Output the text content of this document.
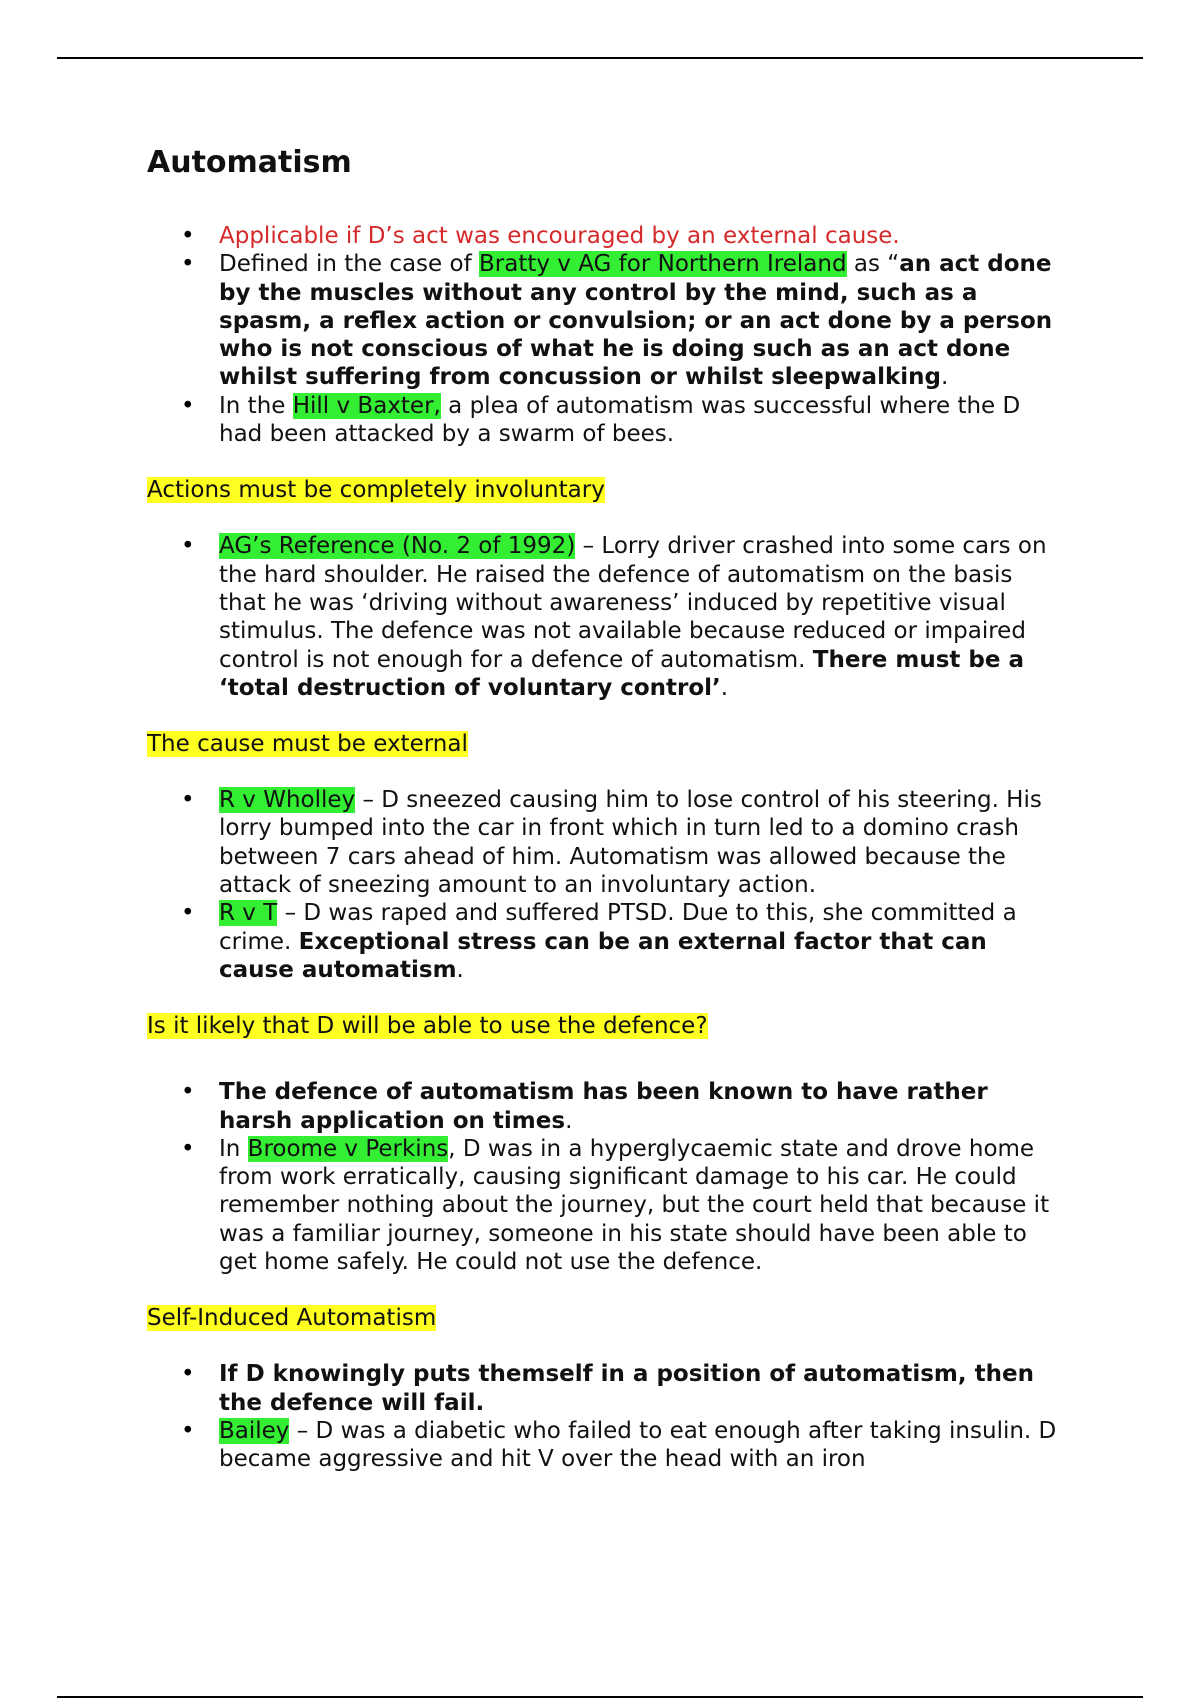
Automatism
• Applicable if D’s act was encouraged by an external cause.
• Defined in the case of Bratty v AG for Northern Ireland as “an act done by the muscles without any control by the mind, such as a spasm, a reflex action or convulsion; or an act done by a person who is not conscious of what he is doing such as an act done whilst suffering from concussion or whilst sleepwalking.
• In the Hill v Baxter, a plea of automatism was successful where the D had been attacked by a swarm of bees.
Actions must be completely involuntary
• AG’s Reference (No. 2 of 1992) – Lorry driver crashed into some cars on the hard shoulder. He raised the defence of automatism on the basis that he was ‘driving without awareness’ induced by repetitive visual stimulus. The defence was not available because reduced or impaired control is not enough for a defence of automatism. There must be a ‘total destruction of voluntary control’.
The cause must be external
• R v Wholley – D sneezed causing him to lose control of his steering. His lorry bumped into the car in front which in turn led to a domino crash between 7 cars ahead of him. Automatism was allowed because the attack of sneezing amount to an involuntary action.
• R v T – D was raped and suffered PTSD. Due to this, she committed a crime. Exceptional stress can be an external factor that can cause automatism.
Is it likely that D will be able to use the defence?
• The defence of automatism has been known to have rather harsh application on times.
• In Broome v Perkins, D was in a hyperglycaemic state and drove home from work erratically, causing significant damage to his car. He could remember nothing about the journey, but the court held that because it was a familiar journey, someone in his state should have been able to get home safely. He could not use the defence.
Self-Induced Automatism
• If D knowingly puts themself in a position of automatism, then the defence will fail.
• Bailey – D was a diabetic who failed to eat enough after taking insulin. D became aggressive and hit V over the head with an iron
